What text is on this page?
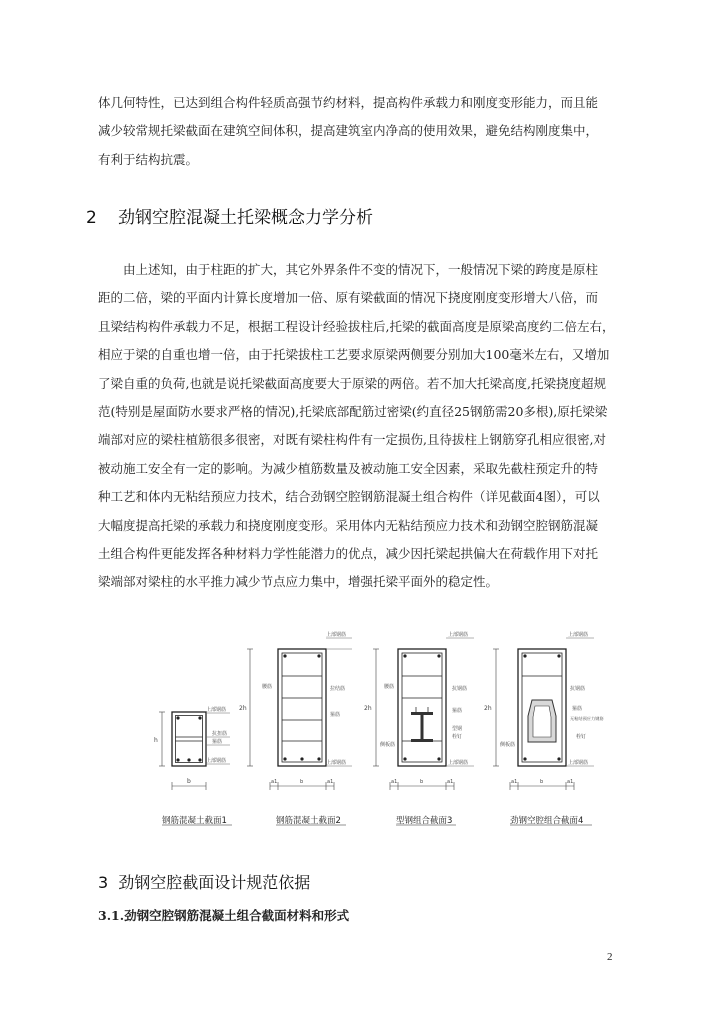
体几何特性，已达到组合构件轻质高强节约材料，提高构件承载力和刚度变形能力，而且能
减少较常规托梁截面在建筑空间体积，提高建筑室内净高的使用效果，避免结构刚度集中，
有利于结构抗震。
2 劲钢空腔混凝土托梁概念力学分析
　　由上述知，由于柱距的扩大，其它外界条件不变的情况下，一般情况下梁的跨度是原柱
距的二倍，梁的平面内计算长度增加一倍、原有梁截面的情况下挠度刚度变形增大八倍，而
且梁结构构件承载力不足，根据工程设计经验拔柱后,托梁的截面高度是原梁高度约二倍左右，
相应于梁的自重也增一倍，由于托梁拔柱工艺要求原梁两侧要分别加大100毫米左右，又增加
了梁自重的负荷,也就是说托梁截面高度要大于原梁的两倍。若不加大托梁高度,托梁挠度超规
范(特别是屋面防水要求严格的情况),托梁底部配筋过密梁(约直径25钢筋需20多根),原托梁梁
端部对应的梁柱植筋很多很密，对既有梁柱构件有一定损伤,且待拔柱上钢筋穿孔相应很密,对
被动施工安全有一定的影响。为减少植筋数量及被动施工安全因素，采取先截柱预定升的特
种工艺和体内无粘结预应力技术，结合劲钢空腔钢筋混凝土组合构件（详见截面4图），可以
大幅度提高托梁的承载力和挠度刚度变形。采用体内无粘结预应力技术和劲钢空腔钢筋混凝
土组合构件更能发挥各种材料力学性能潜力的优点，减少因托梁起拱偏大在荷载作用下对托
梁端部对梁柱的水平推力减少节点应力集中，增强托梁平面外的稳定性。
上部钢筋
抗扭筋
箍筋
上部钢筋
h
b
钢筋混凝土截面1
上部钢筋
腰筋	拉结筋
箍筋
上部钢筋
2h
a1	b	a1
钢筋混凝土截面2
上部钢筋
腰筋	抗钢筋
箍筋
型钢
栓钉
侧板筋
上部钢筋
2h
a1	b	a1
型钢组合截面3
上部钢筋
抗钢筋
箍筋
无粘结预应力钢筋
栓钉
侧板筋
上部钢筋
2h
a1	b	a1
劲钢空腔组合截面4
3 劲钢空腔截面设计规范依据
3.1.劲钢空腔钢筋混凝土组合截面材料和形式
2
